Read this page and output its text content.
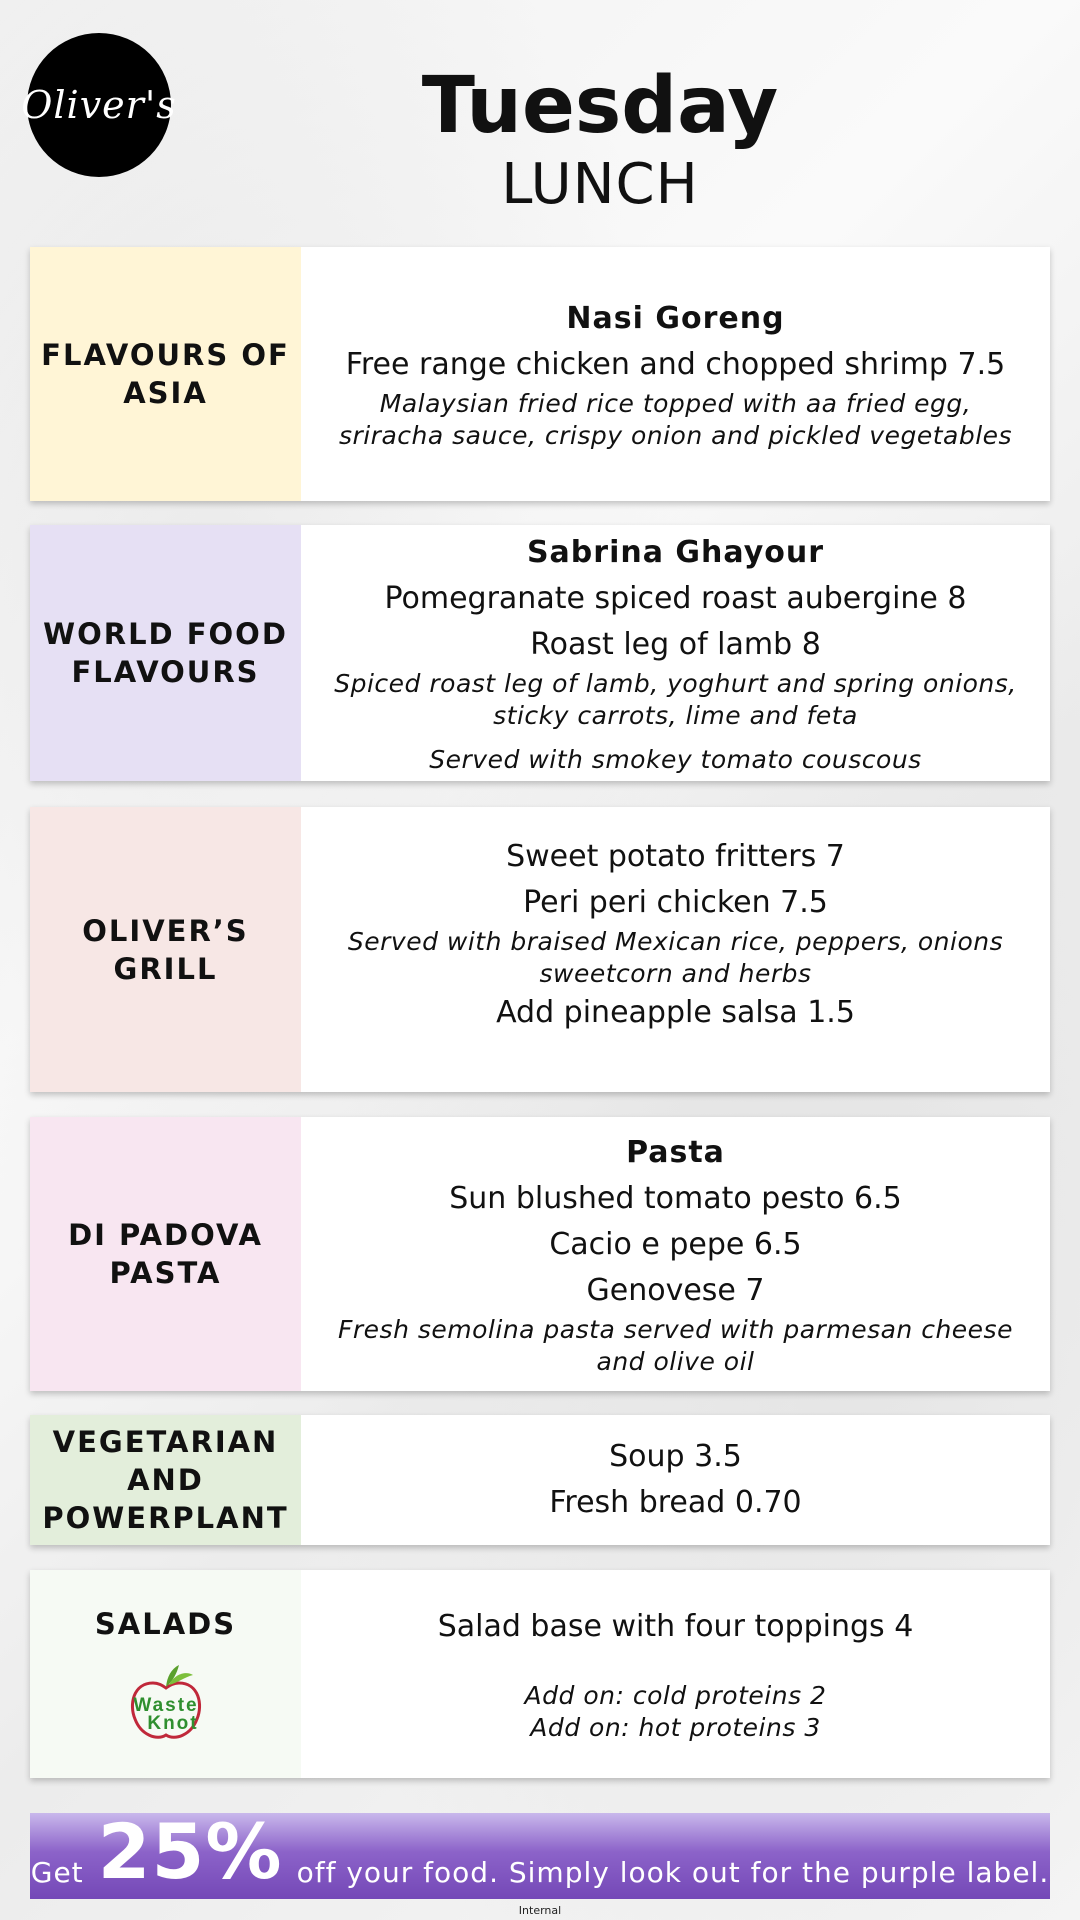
Oliver's	Tuesday
LUNCH
FLAVOURS OF ASIA
Nasi Goreng
Free range chicken and chopped shrimp 7.5
Malaysian fried rice topped with aa fried egg, sriracha sauce, crispy onion and pickled vegetables
WORLD FOOD FLAVOURS
Sabrina Ghayour
Pomegranate spiced roast aubergine 8
Roast leg of lamb 8
Spiced roast leg of lamb, yoghurt and spring onions, sticky carrots, lime and feta
Served with smokey tomato couscous
OLIVER’S GRILL
Sweet potato fritters 7
Peri peri chicken 7.5
Served with braised Mexican rice, peppers, onions sweetcorn and herbs
Add pineapple salsa 1.5
DI PADOVA PASTA
Pasta
Sun blushed tomato pesto 6.5
Cacio e pepe 6.5
Genovese 7
Fresh semolina pasta served with parmesan cheese and olive oil
VEGETARIAN AND POWERPLANT
Soup 3.5
Fresh bread 0.70
SALADS
Waste
Knot
Salad base with four toppings 4
Add on: cold proteins 2
Add on: hot proteins 3
Get 25% off your food. Simply look out for the purple label.
Internal
